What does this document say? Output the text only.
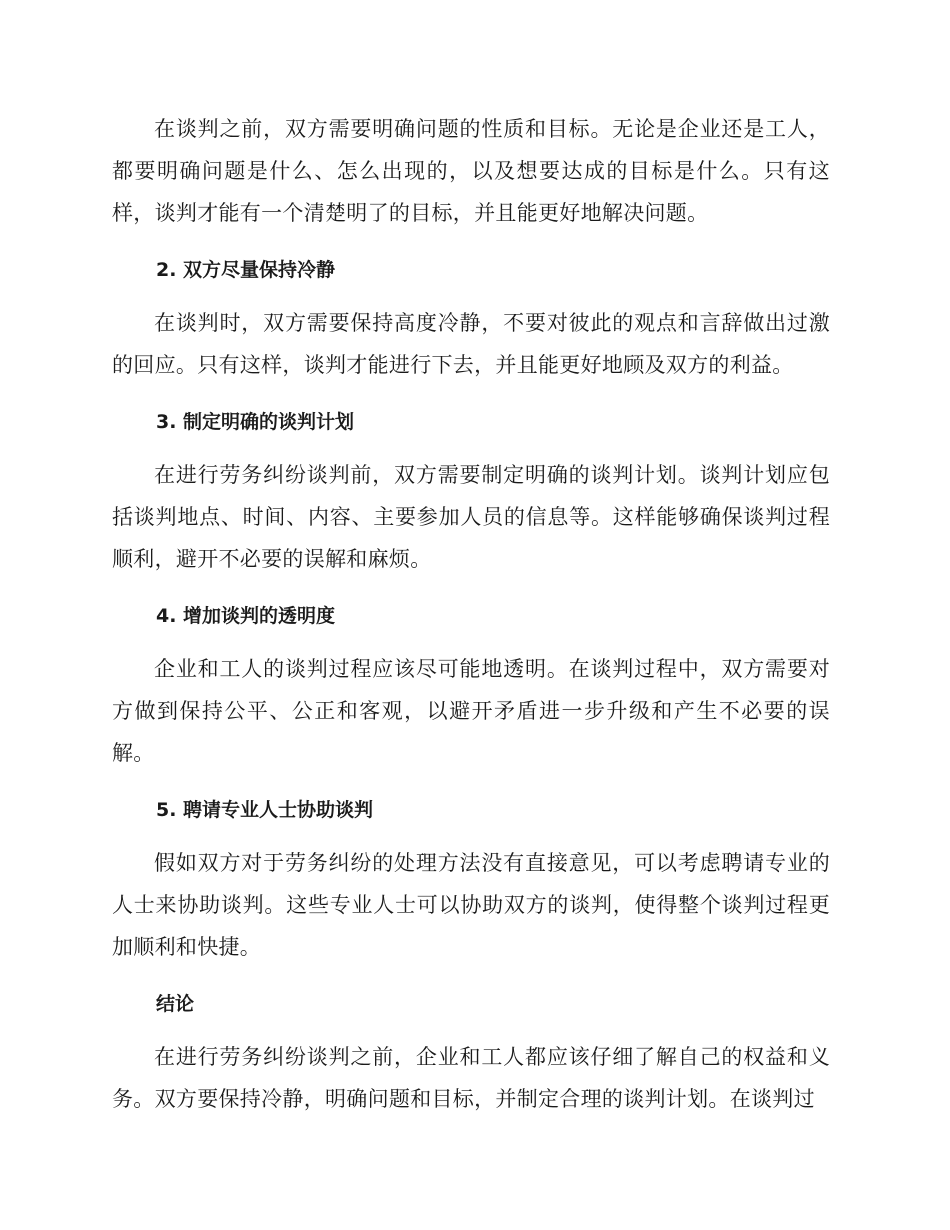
在谈判之前，双方需要明确问题的性质和目标。无论是企业还是工人，都要明确问题是什么、怎么出现的，以及想要达成的目标是什么。只有这样，谈判才能有一个清楚明了的目标，并且能更好地解决问题。

2. 双方尽量保持冷静

在谈判时，双方需要保持高度冷静，不要对彼此的观点和言辞做出过激的回应。只有这样，谈判才能进行下去，并且能更好地顾及双方的利益。

3. 制定明确的谈判计划

在进行劳务纠纷谈判前，双方需要制定明确的谈判计划。谈判计划应包括谈判地点、时间、内容、主要参加人员的信息等。这样能够确保谈判过程顺利，避开不必要的误解和麻烦。

4. 增加谈判的透明度

企业和工人的谈判过程应该尽可能地透明。在谈判过程中，双方需要对方做到保持公平、公正和客观，以避开矛盾进一步升级和产生不必要的误解。

5. 聘请专业人士协助谈判

假如双方对于劳务纠纷的处理方法没有直接意见，可以考虑聘请专业的人士来协助谈判。这些专业人士可以协助双方的谈判，使得整个谈判过程更加顺利和快捷。

结论

在进行劳务纠纷谈判之前，企业和工人都应该仔细了解自己的权益和义务。双方要保持冷静，明确问题和目标，并制定合理的谈判计划。在谈判过
